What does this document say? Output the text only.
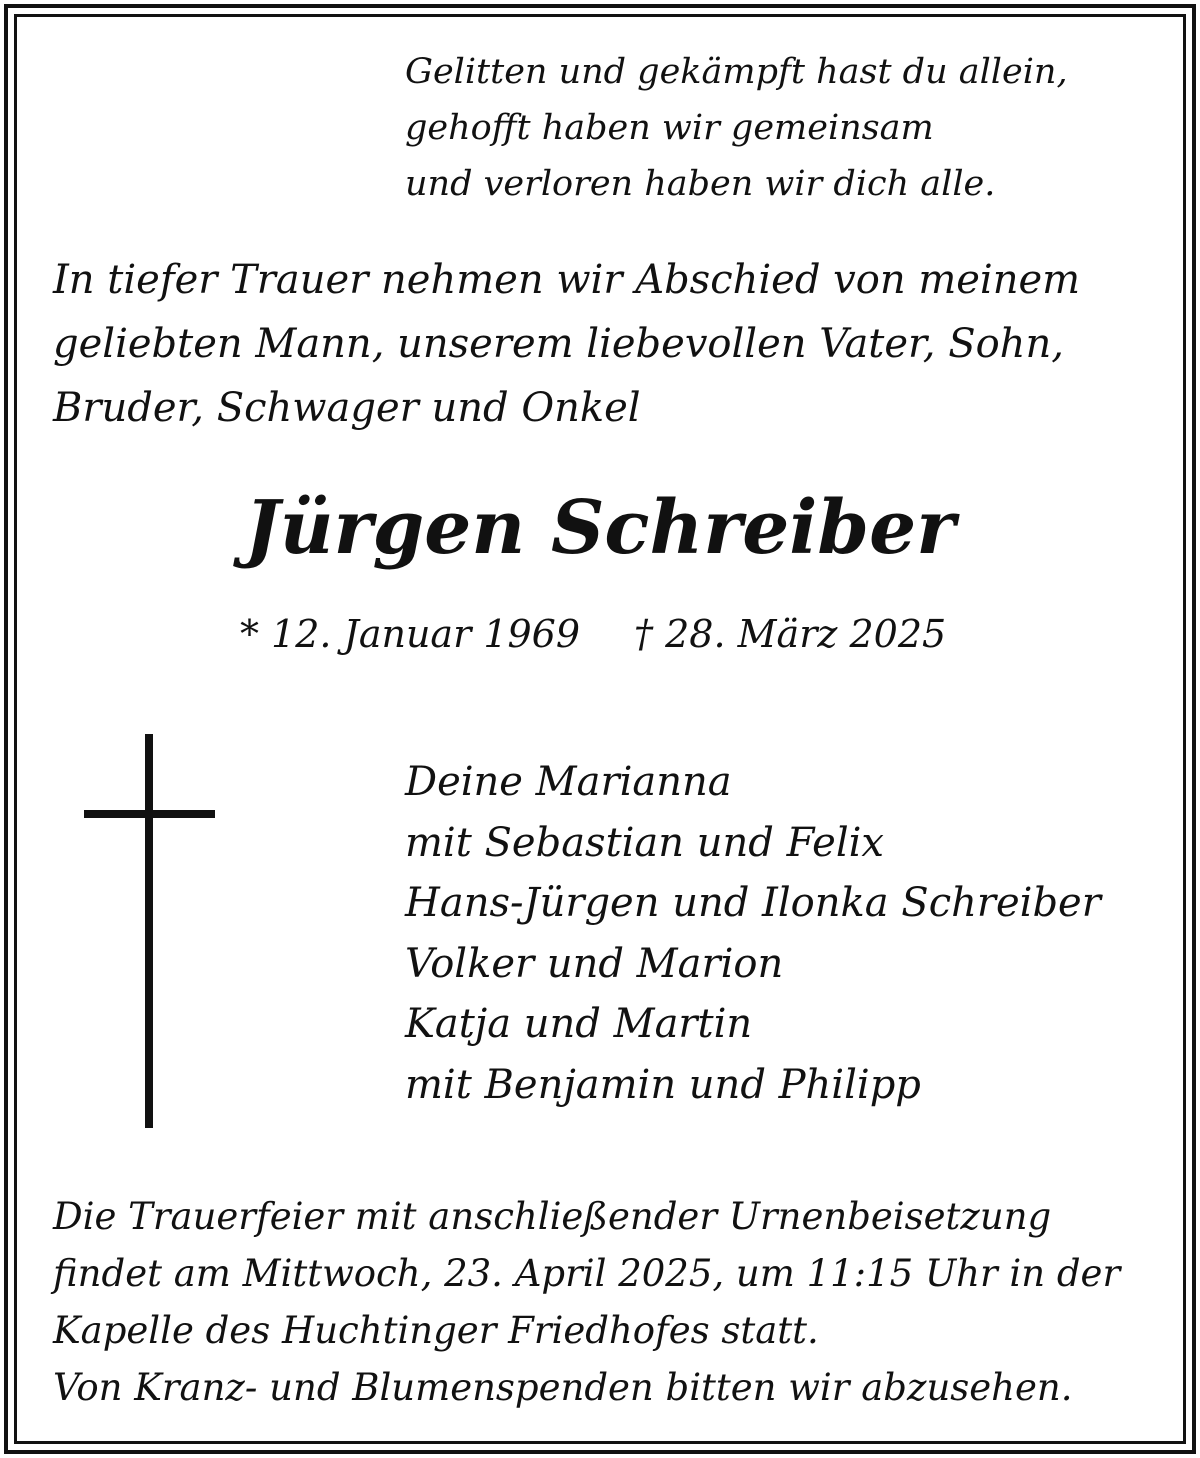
Gelitten und gekämpft hast du allein,
gehofft haben wir gemeinsam
und verloren haben wir dich alle.
In tiefer Trauer nehmen wir Abschied von meinem
geliebten Mann, unserem liebevollen Vater, Sohn,
Bruder, Schwager und Onkel
Jürgen Schreiber
* 12. Januar 1969 † 28. März 2025
Deine Marianna
mit Sebastian und Felix
Hans-Jürgen und Ilonka Schreiber
Volker und Marion
Katja und Martin
mit Benjamin und Philipp
Die Trauerfeier mit anschließender Urnenbeisetzung
findet am Mittwoch, 23. April 2025, um 11:15 Uhr in der
Kapelle des Huchtinger Friedhofes statt.
Von Kranz- und Blumenspenden bitten wir abzusehen.
